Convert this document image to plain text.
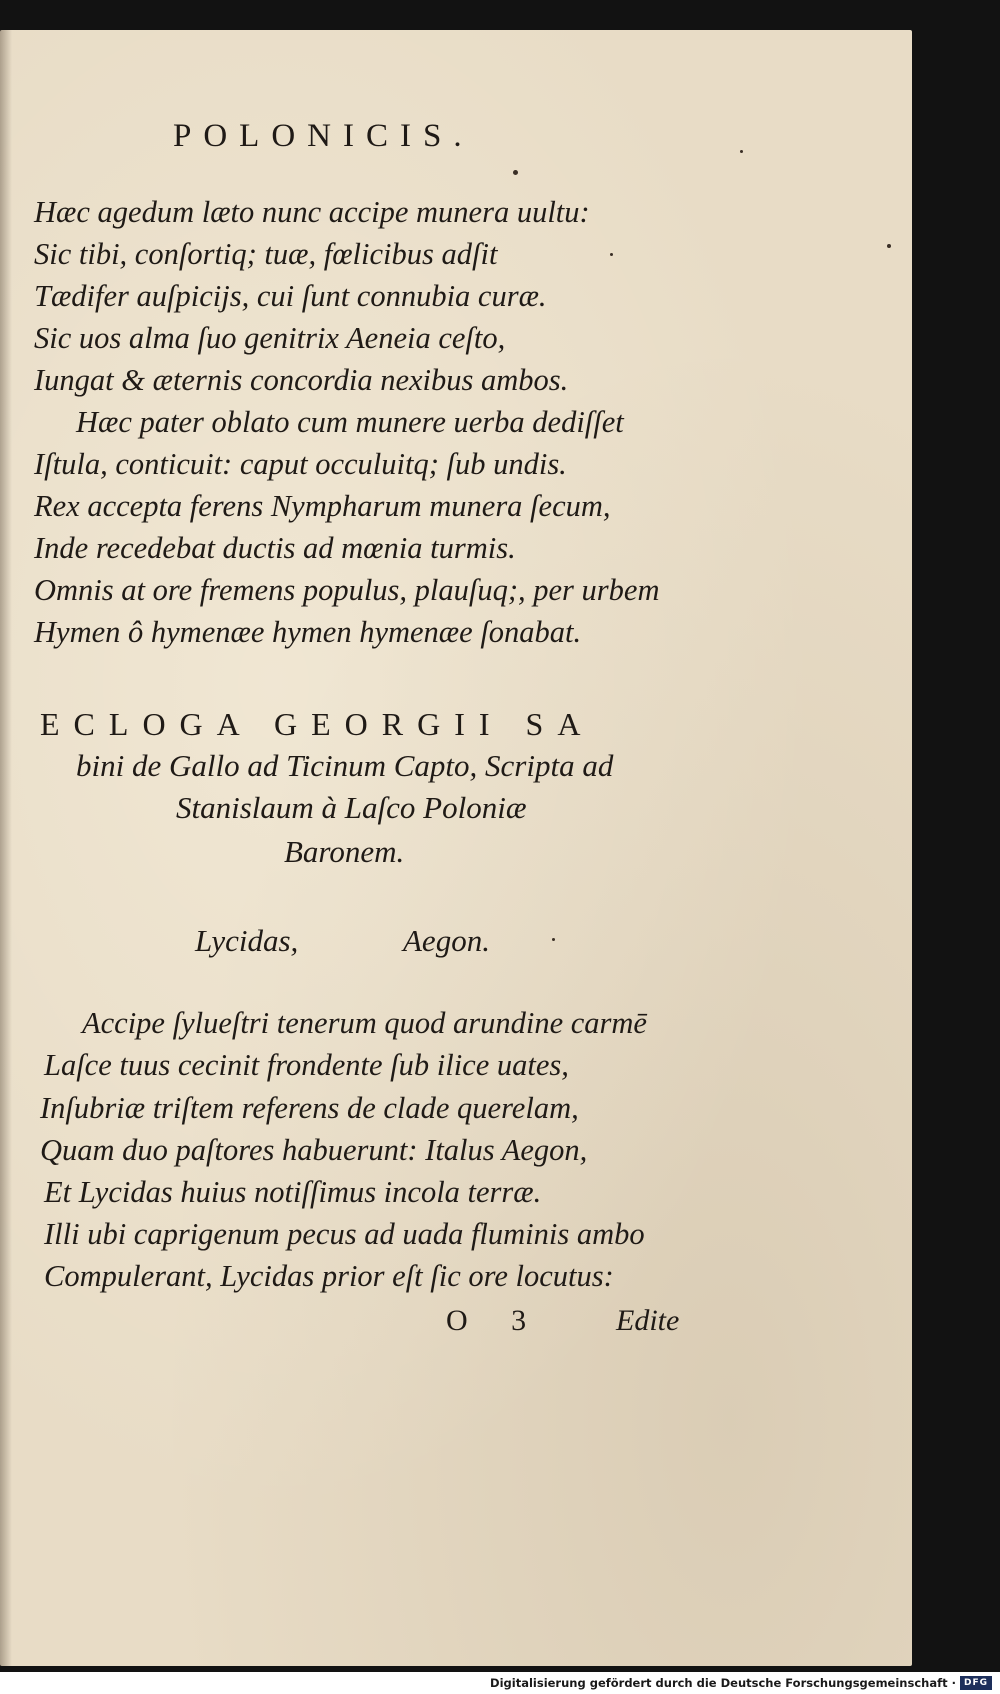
POLONICIS.
Hæc agedum læto nunc accipe munera uultu:
Sic tibi, conſortiq; tuæ, fœlicibus adſit
Tædifer auſpicijs, cui ſunt connubia curæ.
Sic uos alma ſuo genitrix Aeneia ceſto,
Iungat & æternis concordia nexibus ambos.
Hæc pater oblato cum munere uerba dediſſet
Iſtula, conticuit: caput occuluitq; ſub undis.
Rex accepta ferens Nympharum munera ſecum,
Inde recedebat ductis ad mœnia turmis.
Omnis at ore fremens populus, plauſuq;, per urbem
Hymen ô hymenæe hymen hymenæe ſonabat.
ECLOGA GEORGII SA
bini de Gallo ad Ticinum Capto, Scripta ad
Stanislaum à Laſco Poloniæ
Baronem.
Lycidas,	Aegon.
Accipe ſylueſtri tenerum quod arundine carmē
Laſce tuus cecinit frondente ſub ilice uates,
Inſubriæ triſtem referens de clade querelam,
Quam duo paſtores habuerunt: Italus Aegon,
Et Lycidas huius notiſſimus incola terræ.
Illi ubi caprigenum pecus ad uada fluminis ambo
Compulerant, Lycidas prior eſt ſic ore locutus:
O 3 Edite
Digitalisierung gefördert durch die Deutsche Forschungsgemeinschaft · DFG
